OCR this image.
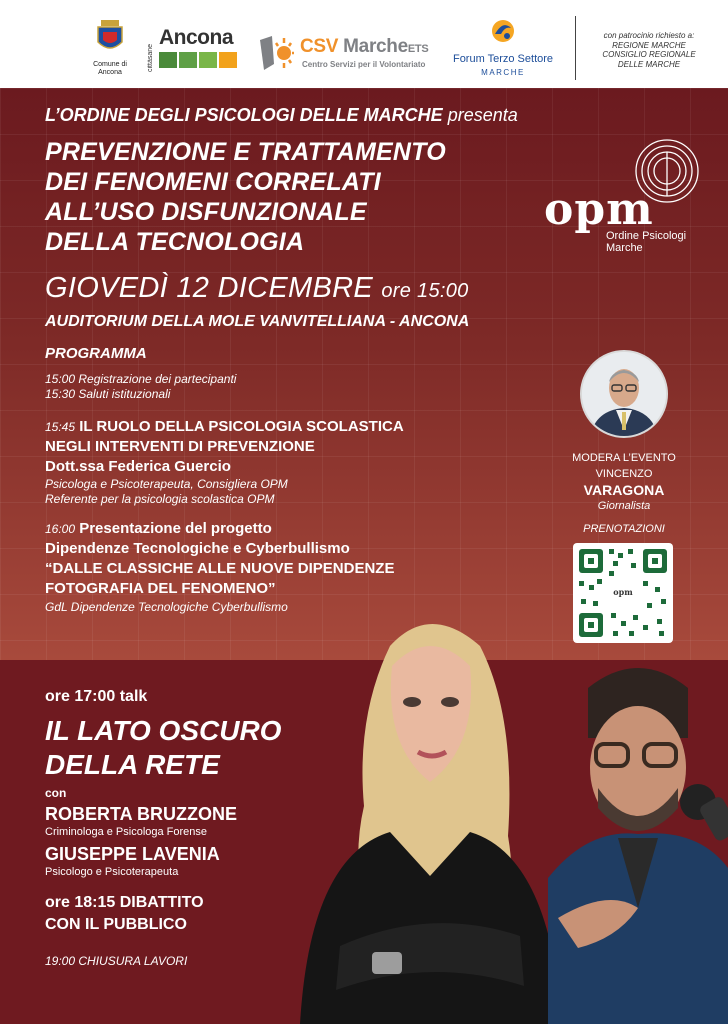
Comune di Ancona
cittàsane
Ancona	CSV MarcheETS
Centro Servizi per il Volontariato	Forum Terzo Settore
MARCHE
con patrocinio richiesto a:
REGIONE MARCHE
CONSIGLIO REGIONALE
DELLE MARCHE
L’ORDINE DEGLI PSICOLOGI DELLE MARCHE presenta
PREVENZIONE E TRATTAMENTO
DEI FENOMENI CORRELATI
ALL’USO DISFUNZIONALE
DELLA TECNOLOGIA
GIOVEDÌ 12 DICEMBRE ore 15:00
AUDITORIUM DELLA MOLE VANVITELLIANA - ANCONA
opm
Ordine Psicologi
Marche
PROGRAMMA
15:00 Registrazione dei partecipanti
15:30 Saluti istituzionali
15:45 IL RUOLO DELLA PSICOLOGIA SCOLASTICA
NEGLI INTERVENTI DI PREVENZIONE
Dott.ssa Federica Guercio
Psicologa e Psicoterapeuta, Consigliera OPM
Referente per la psicologia scolastica OPM
16:00 Presentazione del progetto
Dipendenze Tecnologiche e Cyberbullismo
“DALLE CLASSICHE ALLE NUOVE DIPENDENZE
FOTOGRAFIA DEL FENOMENO”
GdL Dipendenze Tecnologiche Cyberbullismo
MODERA L’EVENTO
VINCENZO
VARAGONA
Giornalista
PRENOTAZIONI
opm
ore 17:00 talk
IL LATO OSCURO
DELLA RETE
con
ROBERTA BRUZZONE
Criminologa e Psicologa Forense
GIUSEPPE LAVENIA
Psicologo e Psicoterapeuta
ore 18:15 DIBATTITO
CON IL PUBBLICO
19:00 CHIUSURA LAVORI
